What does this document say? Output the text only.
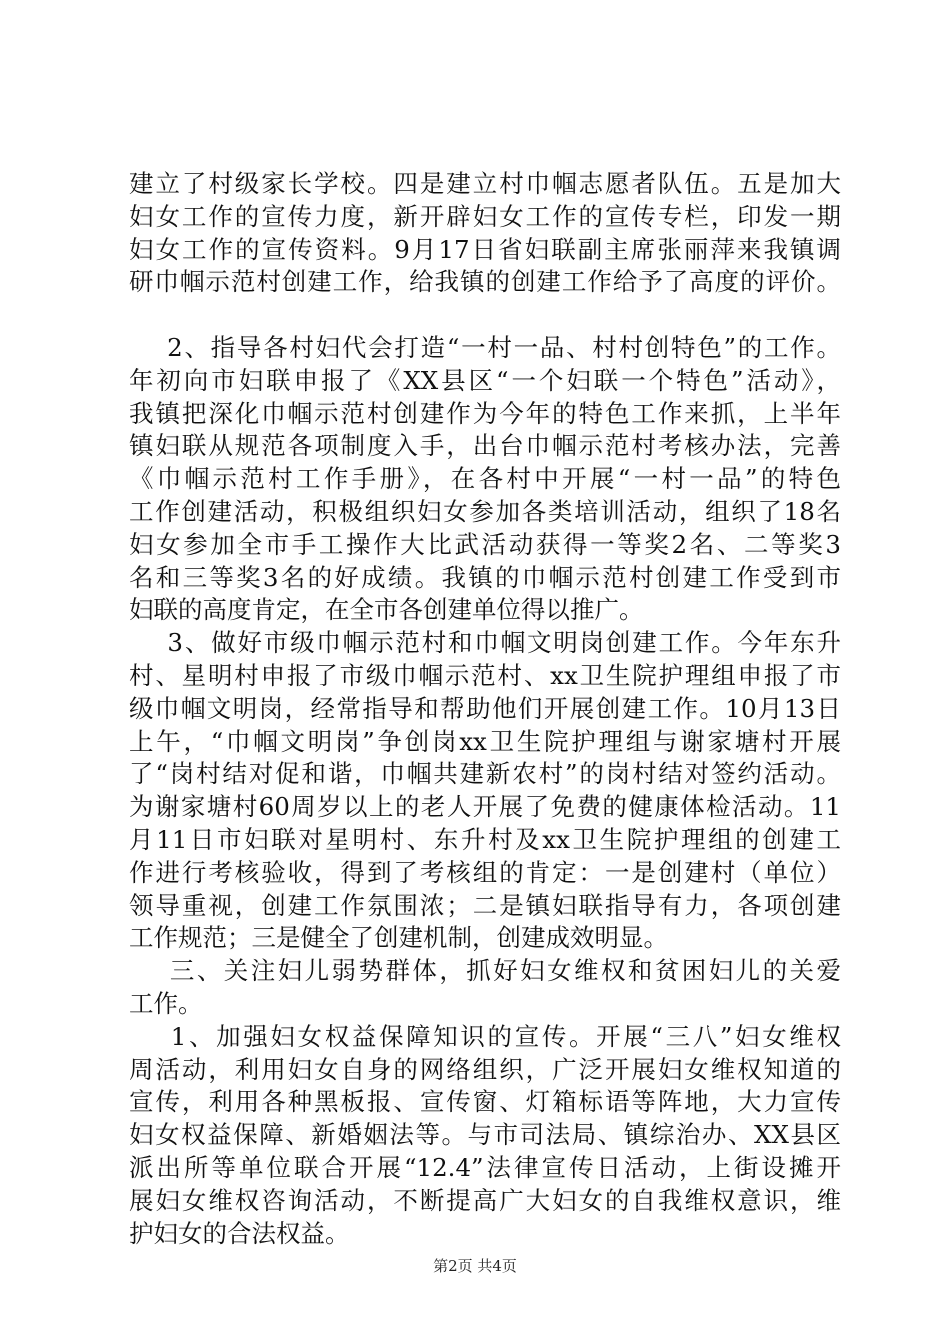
建立了村级家长学校。四是建立村巾帼志愿者队伍。五是加大
妇女工作的宣传力度，新开辟妇女工作的宣传专栏，印发一期
妇女工作的宣传资料。9月17日省妇联副主席张丽萍来我镇调
研巾帼示范村创建工作，给我镇的创建工作给予了高度的评价。
2、指导各村妇代会打造“一村一品、村村创特色”的工作。
年初向市妇联申报了《XX县区“一个妇联一个特色”活动》，
我镇把深化巾帼示范村创建作为今年的特色工作来抓，上半年
镇妇联从规范各项制度入手，出台巾帼示范村考核办法，完善
《巾帼示范村工作手册》，在各村中开展“一村一品”的特色
工作创建活动，积极组织妇女参加各类培训活动，组织了18名
妇女参加全市手工操作大比武活动获得一等奖2名、二等奖3
名和三等奖3名的好成绩。我镇的巾帼示范村创建工作受到市
妇联的高度肯定，在全市各创建单位得以推广。
3、做好市级巾帼示范村和巾帼文明岗创建工作。今年东升
村、星明村申报了市级巾帼示范村、xx卫生院护理组申报了市
级巾帼文明岗，经常指导和帮助他们开展创建工作。10月13日
上午，“巾帼文明岗”争创岗xx卫生院护理组与谢家塘村开展
了“岗村结对促和谐，巾帼共建新农村”的岗村结对签约活动。
为谢家塘村60周岁以上的老人开展了免费的健康体检活动。11
月11日市妇联对星明村、东升村及xx卫生院护理组的创建工
作进行考核验收，得到了考核组的肯定：一是创建村（单位）
领导重视，创建工作氛围浓；二是镇妇联指导有力，各项创建
工作规范；三是健全了创建机制，创建成效明显。
三、关注妇儿弱势群体，抓好妇女维权和贫困妇儿的关爱
工作。
1、加强妇女权益保障知识的宣传。开展“三八”妇女维权
周活动，利用妇女自身的网络组织，广泛开展妇女维权知道的
宣传，利用各种黑板报、宣传窗、灯箱标语等阵地，大力宣传
妇女权益保障、新婚姻法等。与市司法局、镇综治办、XX县区
派出所等单位联合开展“12.4”法律宣传日活动，上街设摊开
展妇女维权咨询活动，不断提高广大妇女的自我维权意识，维
护妇女的合法权益。
第2页 共4页
